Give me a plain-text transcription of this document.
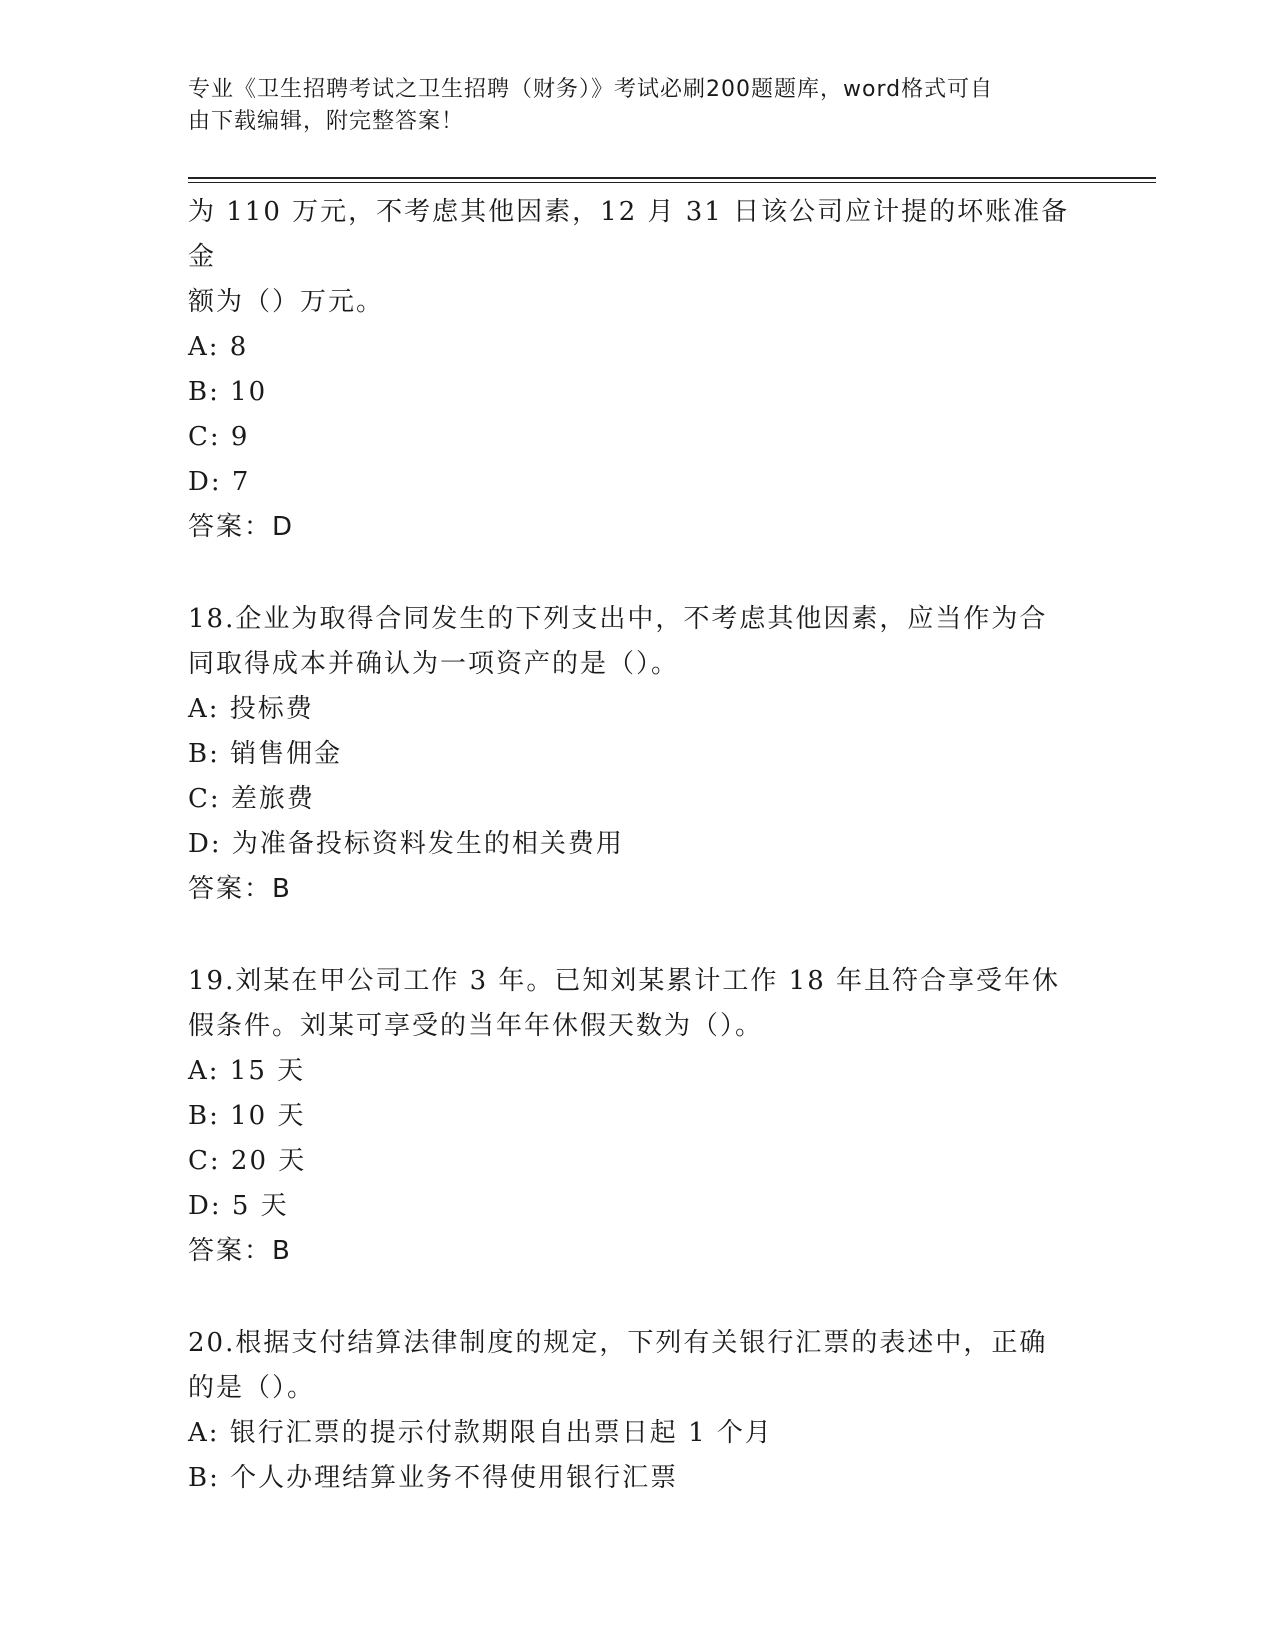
专业《卫生招聘考试之卫生招聘（财务）》考试必刷200题题库，word格式可自
由下载编辑，附完整答案！

为 110 万元，不考虑其他因素，12 月 31 日该公司应计提的坏账准备金

额为（）万元。

A: 8

B: 10

C: 9

D: 7

答案：D

18.企业为取得合同发生的下列支出中，不考虑其他因素，应当作为合

同取得成本并确认为一项资产的是（）。

A: 投标费

B: 销售佣金

C: 差旅费

D: 为准备投标资料发生的相关费用

答案：B

19.刘某在甲公司工作 3 年。已知刘某累计工作 18 年且符合享受年休

假条件。刘某可享受的当年年休假天数为（）。

A: 15 天

B: 10 天

C: 20 天

D: 5 天

答案：B

20.根据支付结算法律制度的规定，下列有关银行汇票的表述中，正确

的是（）。

A: 银行汇票的提示付款期限自出票日起 1 个月

B: 个人办理结算业务不得使用银行汇票
